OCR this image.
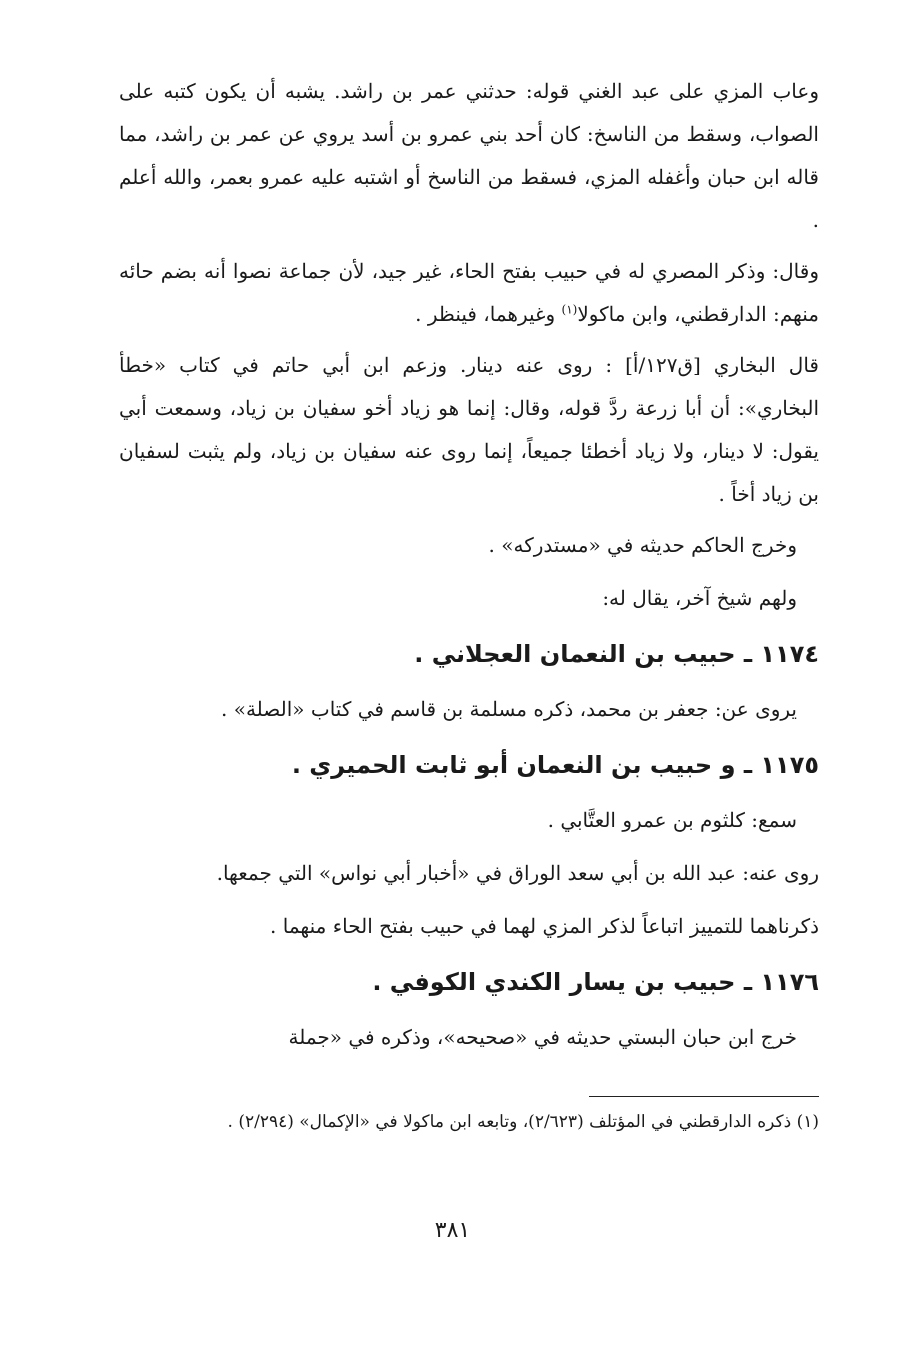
وعاب المزي على عبد الغني قوله: حدثني عمر بن راشد. يشبه أن يكون كتبه على الصواب، وسقط من الناسخ: كان أحد بني عمرو بن أسد يروي عن عمر بن راشد، مما قاله ابن حبان وأغفله المزي، فسقط من الناسخ أو اشتبه عليه عمرو بعمر، والله أعلم .

وقال: وذكر المصري له في حبيب بفتح الحاء، غير جيد، لأن جماعة نصوا أنه بضم حائه منهم: الدارقطني، وابن ماكولا$^{(١)}$ وغيرهما، فينظر .

قال البخاري [ق١٢٧/أ] : روى عنه دينار. وزعم ابن أبي حاتم في كتاب «خطأ البخاري»: أن أبا زرعة ردَّ قوله، وقال: إنما هو زياد أخو سفيان بن زياد، وسمعت أبي يقول: لا دينار، ولا زياد أخطئا جميعاً، إنما روى عنه سفيان بن زياد، ولم يثبت لسفيان بن زياد أخاً .

وخرج الحاكم حديثه في «مستدركه» .

ولهم شيخ آخر، يقال له:

١١٧٤ ـ حبيب بن النعمان العجلاني .

يروى عن: جعفر بن محمد، ذكره مسلمة بن قاسم في كتاب «الصلة» .

١١٧٥ ـ و حبيب بن النعمان أبو ثابت الحميري .

سمع: كلثوم بن عمرو العتَّابي .

روى عنه: عبد الله بن أبي سعد الوراق في «أخبار أبي نواس» التي جمعها.

ذكرناهما للتمييز اتباعاً لذكر المزي لهما في حبيب بفتح الحاء منهما .

١١٧٦ ـ حبيب بن يسار الكندي الكوفي .

خرج ابن حبان البستي حديثه في «صحيحه»، وذكره في «جملة

(١) ذكره الدارقطني في المؤتلف (٢/٦٢٣)، وتابعه ابن ماكولا في «الإكمال» (٢/٢٩٤) .

٣٨١
